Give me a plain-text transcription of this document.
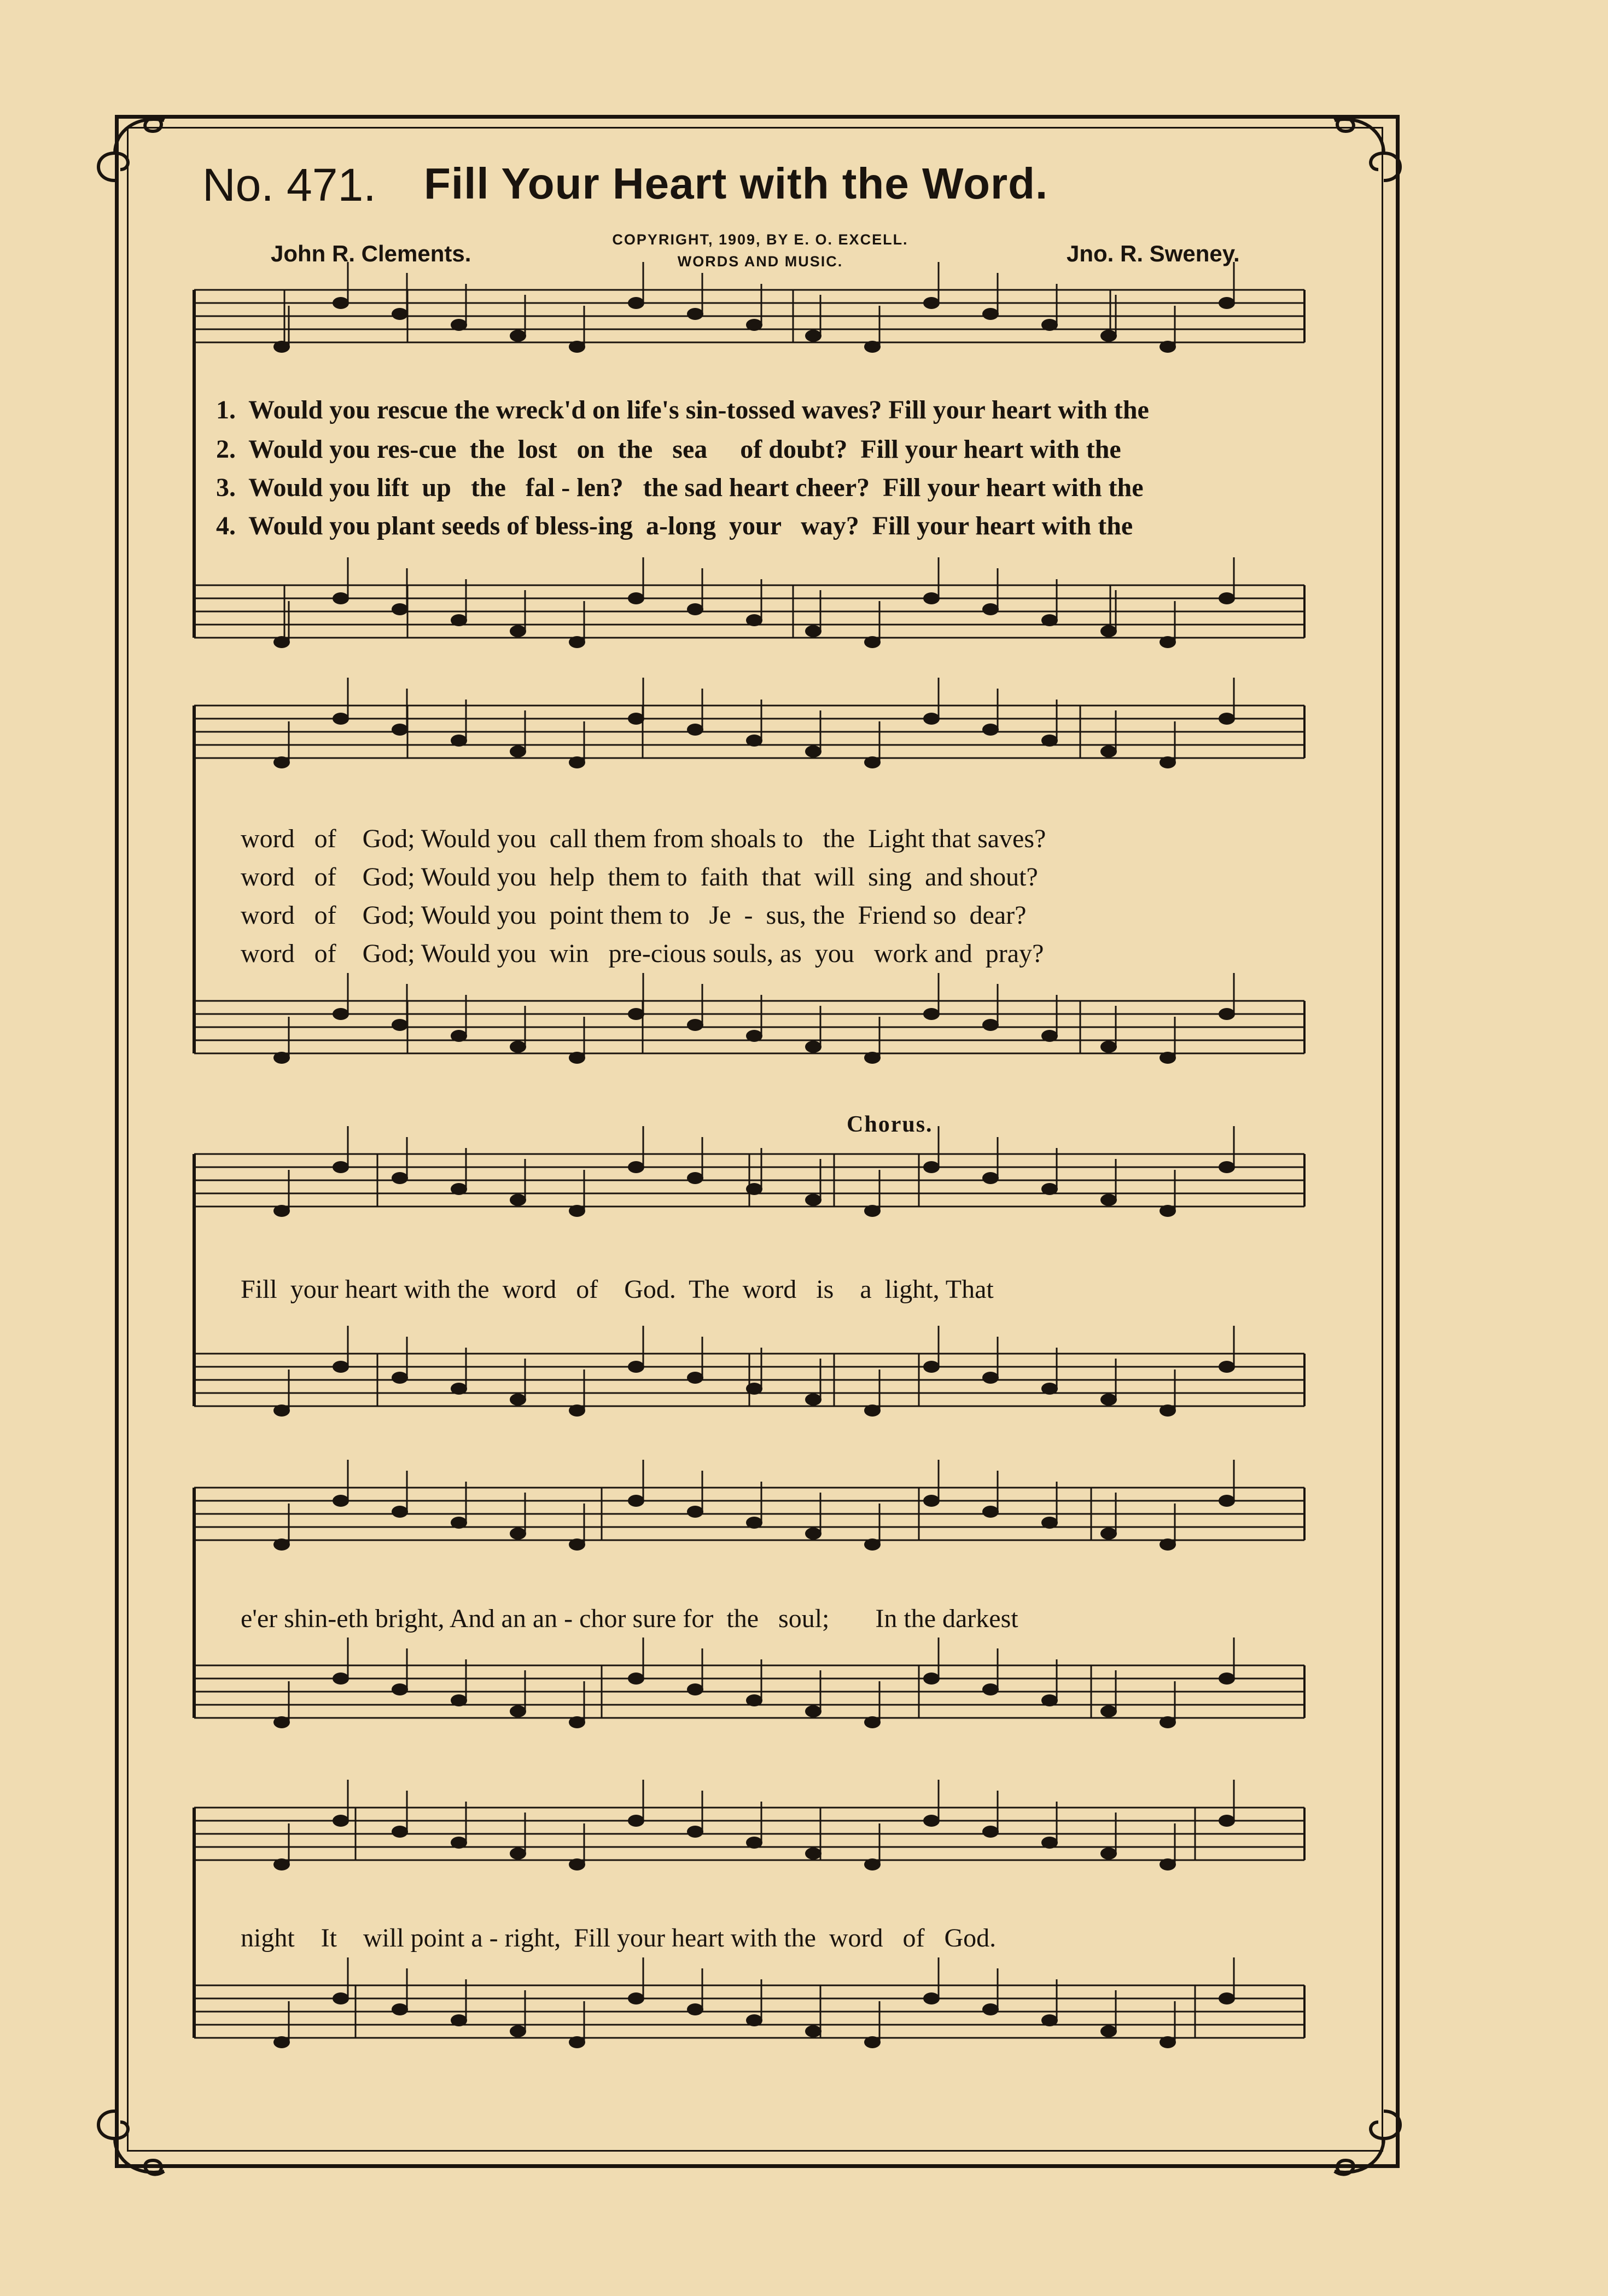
No. 471. Fill Your Heart with the Word.
John R. Clements.
COPYRIGHT, 1909, BY E. O. EXCELL.
WORDS AND MUSIC.	Jno. R. Sweney.
1.  Would you rescue the wreck'd on life's sin-tossed waves? Fill your heart with the
2.  Would you res-cue  the  lost   on  the   sea     of doubt?  Fill your heart with the
3.  Would you lift  up   the   fal - len?   the sad heart cheer?  Fill your heart with the
4.  Would you plant seeds of bless-ing  a-long  your   way?  Fill your heart with the
word   of    God; Would you  call them from shoals to   the  Light that saves?
word   of    God; Would you  help  them to  faith  that  will  sing  and shout?
word   of    God; Would you  point them to   Je  -  sus, the  Friend so  dear?
word   of    God; Would you  win   pre-cious souls, as  you   work and  pray?
Chorus.
Fill  your heart with the  word   of    God.  The  word   is    a  light, That
e'er shin-eth bright, And an an - chor sure for  the   soul;       In the darkest
night    It    will point a - right,  Fill your heart with the  word   of   God.
